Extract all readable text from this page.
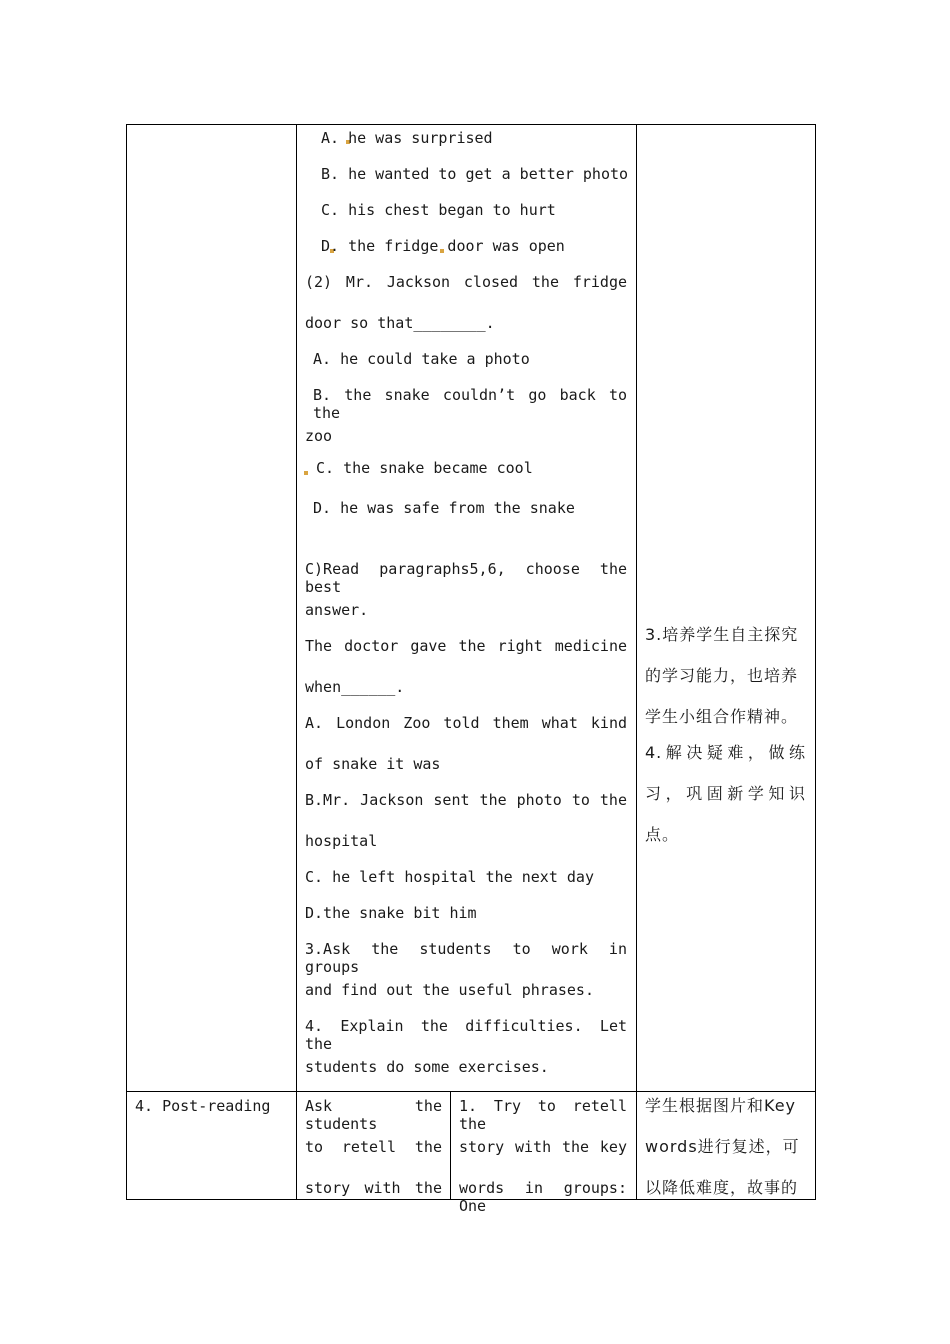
A. he was surprised
B. he wanted to get a better photo
C. his chest began to hurt
D. the fridge door was open
(2) Mr. Jackson closed the fridge
door so that________.
A. he could take a photo
B. the snake couldn’t go back to the
zoo
C. the snake became cool
D. he was safe from the snake
C)Read paragraphs5,6, choose the best
answer.
The doctor gave the right medicine
when______.
A. London Zoo told them what kind
of snake it was
B.Mr. Jackson sent the photo to the
hospital
C. he left hospital the next day
D.the snake bit him
3.Ask the students to work in groups
and find out the useful phrases.
4. Explain the difficulties. Let the
students do some exercises.
3.培养学生自主探究
的学习能力，也培养
学生小组合作精神。
4.解决疑难，做练
习，巩固新学知识
点。
4. Post-reading Ask the students
to retell the
story with the
1. Try to retell the
story with the key
words in groups: One
学生根据图片和Key
words进行复述，可
以降低难度，故事的
